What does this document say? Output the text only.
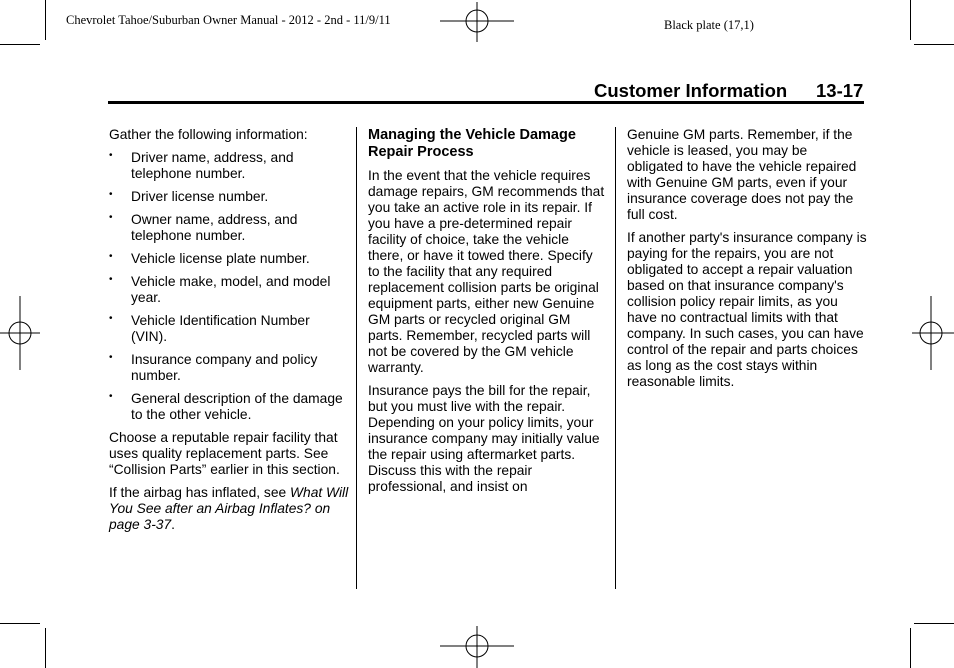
Chevrolet Tahoe/Suburban Owner Manual - 2012 - 2nd - 11/9/11	Black plate (17,1)
Customer Information 13-17

Gather the following information:

• Driver name, address, and telephone number.
• Driver license number.
• Owner name, address, and telephone number.
• Vehicle license plate number.
• Vehicle make, model, and model year.
• Vehicle Identification Number (VIN).
• Insurance company and policy number.
• General description of the damage to the other vehicle.

Choose a reputable repair facility that uses quality replacement parts. See “Collision Parts” earlier in this section.

If the airbag has inflated, see What Will You See after an Airbag Inflates? on page 3-37.

Managing the Vehicle Damage Repair Process

In the event that the vehicle requires damage repairs, GM recommends that you take an active role in its repair. If you have a pre-determined repair facility of choice, take the vehicle there, or have it towed there. Specify to the facility that any required replacement collision parts be original equipment parts, either new Genuine GM parts or recycled original GM parts. Remember, recycled parts will not be covered by the GM vehicle warranty.

Insurance pays the bill for the repair, but you must live with the repair. Depending on your policy limits, your insurance company may initially value the repair using aftermarket parts. Discuss this with the repair professional, and insist on

Genuine GM parts. Remember, if the vehicle is leased, you may be obligated to have the vehicle repaired with Genuine GM parts, even if your insurance coverage does not pay the full cost.

If another party's insurance company is paying for the repairs, you are not obligated to accept a repair valuation based on that insurance company's collision policy repair limits, as you have no contractual limits with that company. In such cases, you can have control of the repair and parts choices as long as the cost stays within reasonable limits.
